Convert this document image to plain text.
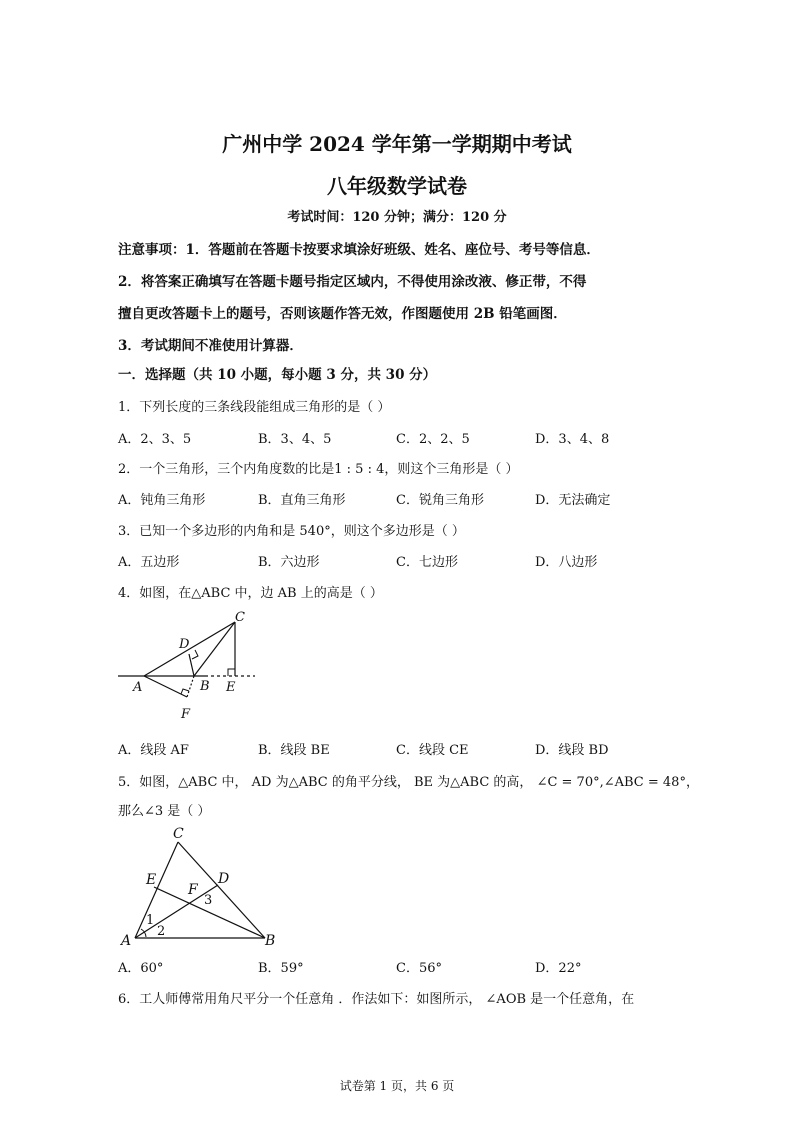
广州中学 2024 学年第一学期期中考试
八年级数学试卷
考试时间：120 分钟；满分：120 分
注意事项：1．答题前在答题卡按要求填涂好班级、姓名、座位号、考号等信息．
2．将答案正确填写在答题卡题号指定区域内，不得使用涂改液、修正带，不得
擅自更改答题卡上的题号，否则该题作答无效，作图题使用 2B 铅笔画图．
3．考试期间不准使用计算器．
一．选择题（共 10 小题，每小题 3 分，共 30 分）
1．下列长度的三条线段能组成三角形的是（ ）
A．2、3、5	B．3、4、5	C．2、2、5	D．3、4、8
2．一个三角形，三个内角度数的比是1 : 5 : 4，则这个三角形是（ ）
A．钝角三角形	B．直角三角形	C．锐角三角形	D．无法确定
3．已知一个多边形的内角和是 540°，则这个多边形是（ ）
A．五边形	B．六边形	C．七边形	D．八边形
4．如图，在△ABC 中，边 AB 上的高是（ ）
C
D
A	B E
F
A．线段 AF	B．线段 BE	C．线段 CE	D．线段 BD
5．如图，△ABC 中， AD 为△ABC 的角平分线， BE 为△ABC 的高， ∠C = 70°,∠ABC = 48°，
那么∠3 是（ ）
C
E	D
F
A	B
1
2
3
A．60°	B．59°	C．56°	D．22°
6．工人师傅常用角尺平分一个任意角 ．作法如下：如图所示， ∠AOB 是一个任意角，在
试卷第 1 页，共 6 页
